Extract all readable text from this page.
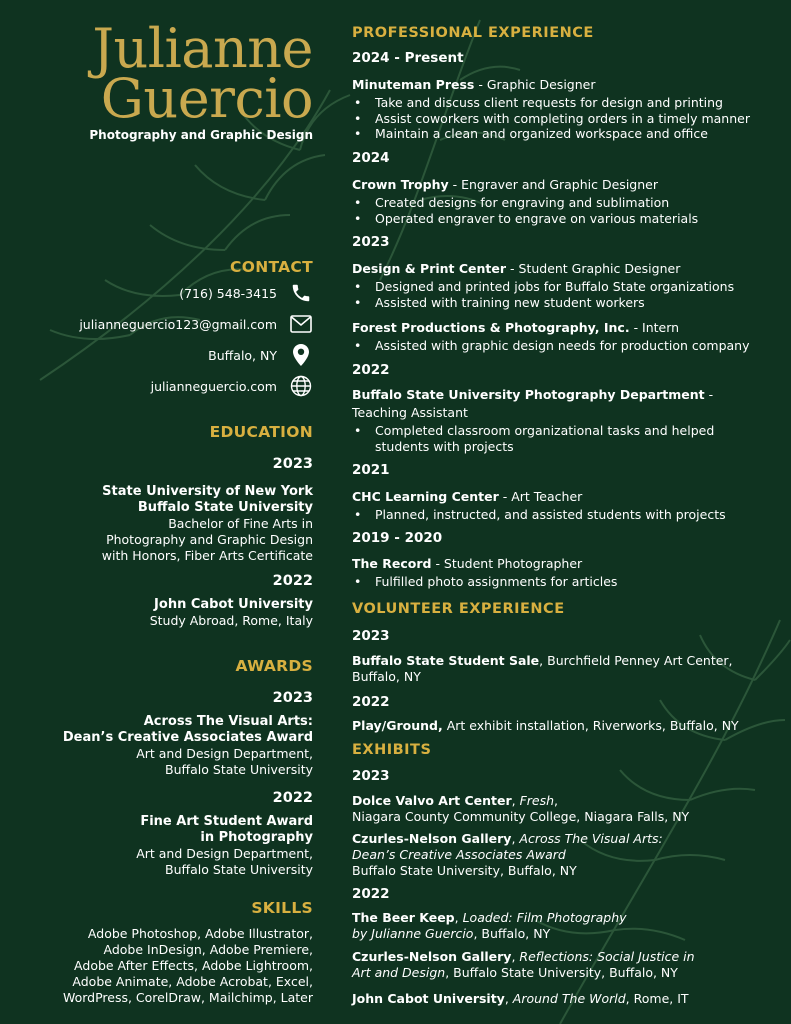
Julianne
Guercio
Photography and Graphic Design
CONTACT
(716) 548-3415
julianneguercio123@gmail.com
Buffalo, NY
julianneguercio.com
EDUCATION
2023
State University of New York
Buffalo State University
Bachelor of Fine Arts in
Photography and Graphic Design
with Honors, Fiber Arts Certificate
2022
John Cabot University
Study Abroad, Rome, Italy
AWARDS
2023
Across The Visual Arts:
Dean’s Creative Associates Award
Art and Design Department,
Buffalo State University
2022
Fine Art Student Award
in Photography
Art and Design Department,
Buffalo State University
SKILLS
Adobe Photoshop, Adobe Illustrator,
Adobe InDesign, Adobe Premiere,
Adobe After Effects, Adobe Lightroom,
Adobe Animate, Adobe Acrobat, Excel,
WordPress, CorelDraw, Mailchimp, Later
PROFESSIONAL EXPERIENCE
2024 - Present
Minuteman Press - Graphic Designer
• Take and discuss client requests for design and printing
• Assist coworkers with completing orders in a timely manner
• Maintain a clean and organized workspace and office
2024
Crown Trophy - Engraver and Graphic Designer
• Created designs for engraving and sublimation
• Operated engraver to engrave on various materials
2023
Design & Print Center - Student Graphic Designer
• Designed and printed jobs for Buffalo State organizations
• Assisted with training new student workers
Forest Productions & Photography, Inc. - Intern
• Assisted with graphic design needs for production company
2022
Buffalo State University Photography Department -
Teaching Assistant
• Completed classroom organizational tasks and helped students with projects
2021
CHC Learning Center - Art Teacher
• Planned, instructed, and assisted students with projects
2019 - 2020
The Record - Student Photographer
• Fulfilled photo assignments for articles
VOLUNTEER EXPERIENCE
2023
Buffalo State Student Sale, Burchfield Penney Art Center,
Buffalo, NY
2022
Play/Ground, Art exhibit installation, Riverworks, Buffalo, NY
EXHIBITS
2023
Dolce Valvo Art Center, Fresh,
Niagara County Community College, Niagara Falls, NY
Czurles-Nelson Gallery, Across The Visual Arts:
Dean’s Creative Associates Award
Buffalo State University, Buffalo, NY
2022
The Beer Keep, Loaded: Film Photography
by Julianne Guercio, Buffalo, NY
Czurles-Nelson Gallery, Reflections: Social Justice in
Art and Design, Buffalo State University, Buffalo, NY
John Cabot University, Around The World, Rome, IT
